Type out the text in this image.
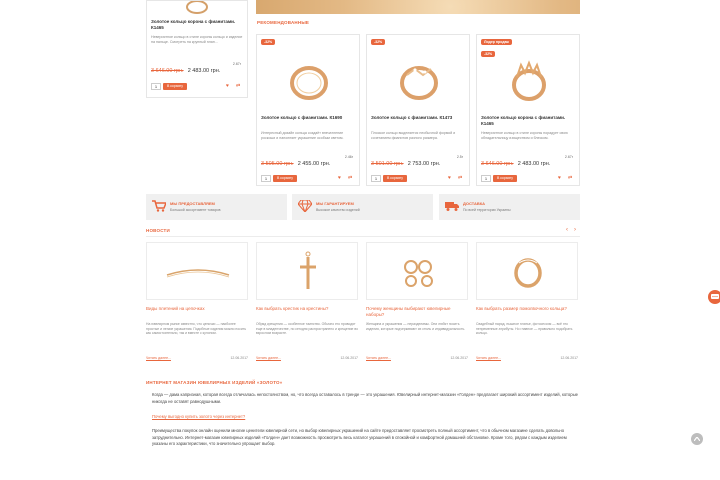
Золотое кольцо корона с фианитами. К1465
Невероятное кольцо в стиле короны кольцо и изделие на пальце. Смотреть на крупный план...
2.67г
3 646.00 грн. 2 483.00 грн.
1	В корзину	♥ ⇄
РЕКОМЕНДОВАННЫЕ
-32%
Золотое кольцо с фианитами. К1690
Интересный дизайн кольца создаёт впечатление роскоши и наполняет украшение особым светом.
2.46г
3 505.00 грн. 2 455.00 грн.
1	В корзину	♥ ⇄
-32%
Золотое кольцо с фианитами. К1473
Плоское кольцо выделяется необычной формой и сочетанием фианитов разного размера.
2.5г
3 501.00 грн. 2 753.00 грн.
1	В корзину	♥ ⇄
Лидер продаж
-32%
Золотое кольцо корона с фианитами. К1465
Невероятное кольцо в стиле короны порадует свою обладательницу изяществом и блеском.
2.67г
3 646.00 грн. 2 483.00 грн.
1	В корзину	♥ ⇄
МЫ ПРЕДОСТАВЛЯЕМ
Большой ассортимент товаров
МЫ ГАРАНТИРУЕМ
Высокое качество изделий
ДОСТАВКА
По всей территории Украины
НОВОСТИ	‹ ›
Виды плетений на цепочках
На ювелирном рынке известно, что цепочки — наиболее простые и легкие украшения. Подобные изделия можно носить как самостоятельно, так и вместе с кулоном.
Читать далее...	12.06.2017
Как выбрать крестик на крестины?
Обряд крещения — особенное таинство. Обычно его проводят еще в младенчестве, но сегодня распространено и крещение во взрослом возрасте.
Читать далее...	12.06.2017
Почему женщины выбирают ювелирные наборы?
Женщина и украшения — неразделимы. Они любят носить изделия, которые подчеркивают их стиль и индивидуальность.
Читать далее...	12.06.2017
Как выбрать размер помолвочного кольца?
Свадебный наряд, пышное платье, фотосессия — всё это непременные атрибуты. Но главное — правильно подобрать кольцо.
Читать далее...	12.06.2017
ИНТЕРНЕТ МАГАЗИН ЮВЕЛИРНЫХ ИЗДЕЛИЙ «ЗОЛОТО»
Когда — дама капризная, которая всегда отличалась непостоянством, но, что всегда оставалось в тренде — это украшения. Ювелирный интернет-магазин «Голден» предлагает широкий ассортимент изделий, которые никогда не оставят равнодушными.
Почему выгодно купить золото через интернет?
Преимущества покупок онлайн оценили многие ценители ювелирной сети, но выбор ювелирных украшений на сайте предоставляет просмотреть полный ассортимент, что в обычном магазине сделать довольно затруднительно. Интернет-магазин ювелирных изделий «Голден» дает возможность просмотреть весь каталог украшений в спокойной и комфортной домашней обстановке. Кроме того, рядом с каждым изделием указаны его характеристики, что значительно упрощает выбор.
